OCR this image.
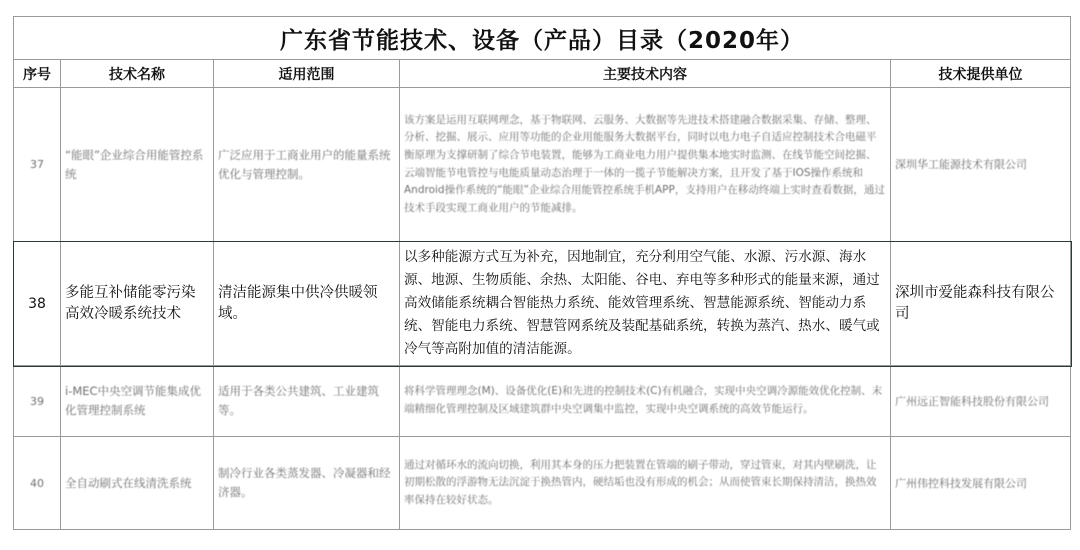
广东省节能技术、设备（产品）目录（2020年）				
序号	技术名称	适用范围	主要技术内容	技术提供单位

37	“能眼”企业综合用能管控系统	广泛应用于工商业用户的能量系统优化与管理控制。	该方案是运用互联网理念，基于物联网、云服务、大数据等先进技术搭建融合数据采集、存储、整理、分析、挖掘、展示、应用等功能的企业用能服务大数据平台，同时以电力电子自适应控制技术合电磁平衡原理为支撑研制了综合节电装置，能够为工商业电力用户提供集本地实时监测、在线节能空间挖掘、云端智能节电管控与电能质量动态治理于一体的一揽子节能解决方案，且开发了基于IOS操作系统和Android操作系统的“能眼”企业综合用能管控系统手机APP，支持用户在移动终端上实时查看数据，通过技术手段实现工商业用户的节能减排。	深圳华工能源技术有限公司

38	多能互补储能零污染高效冷暖系统技术	清洁能源集中供冷供暖领域。	以多种能源方式互为补充，因地制宜，充分利用空气能、水源、污水源、海水源、地源、生物质能、余热、太阳能、谷电、弃电等多种形式的能量来源，通过高效储能系统耦合智能热力系统、能效管理系统、智慧能源系统、智能动力系统、智能电力系统、智慧管网系统及装配基础系统，转换为蒸汽、热水、暖气或冷气等高附加值的清洁能源。	深圳市爱能森科技有限公司

39	i-MEC中央空调节能集成优化管理控制系统	适用于各类公共建筑、工业建筑等。	将科学管理理念(M)、设备优化(E)和先进的控制技术(C)有机融合，实现中央空调冷源能效优化控制、末端精细化管理控制及区域建筑群中央空调集中监控，实现中央空调系统的高效节能运行。	广州远正智能科技股份有限公司

40	全自动刷式在线清洗系统	制冷行业各类蒸发器、冷凝器和经济器。	通过对循环水的流向切换，利用其本身的压力把装置在管端的刷子带动，穿过管束，对其内壁刷洗，让初期松散的浮游物无法沉淀于换热管内，硬结垢也没有形成的机会；从而使管束长期保持清洁，换热效率保持在较好状态。	广州伟控科技发展有限公司
